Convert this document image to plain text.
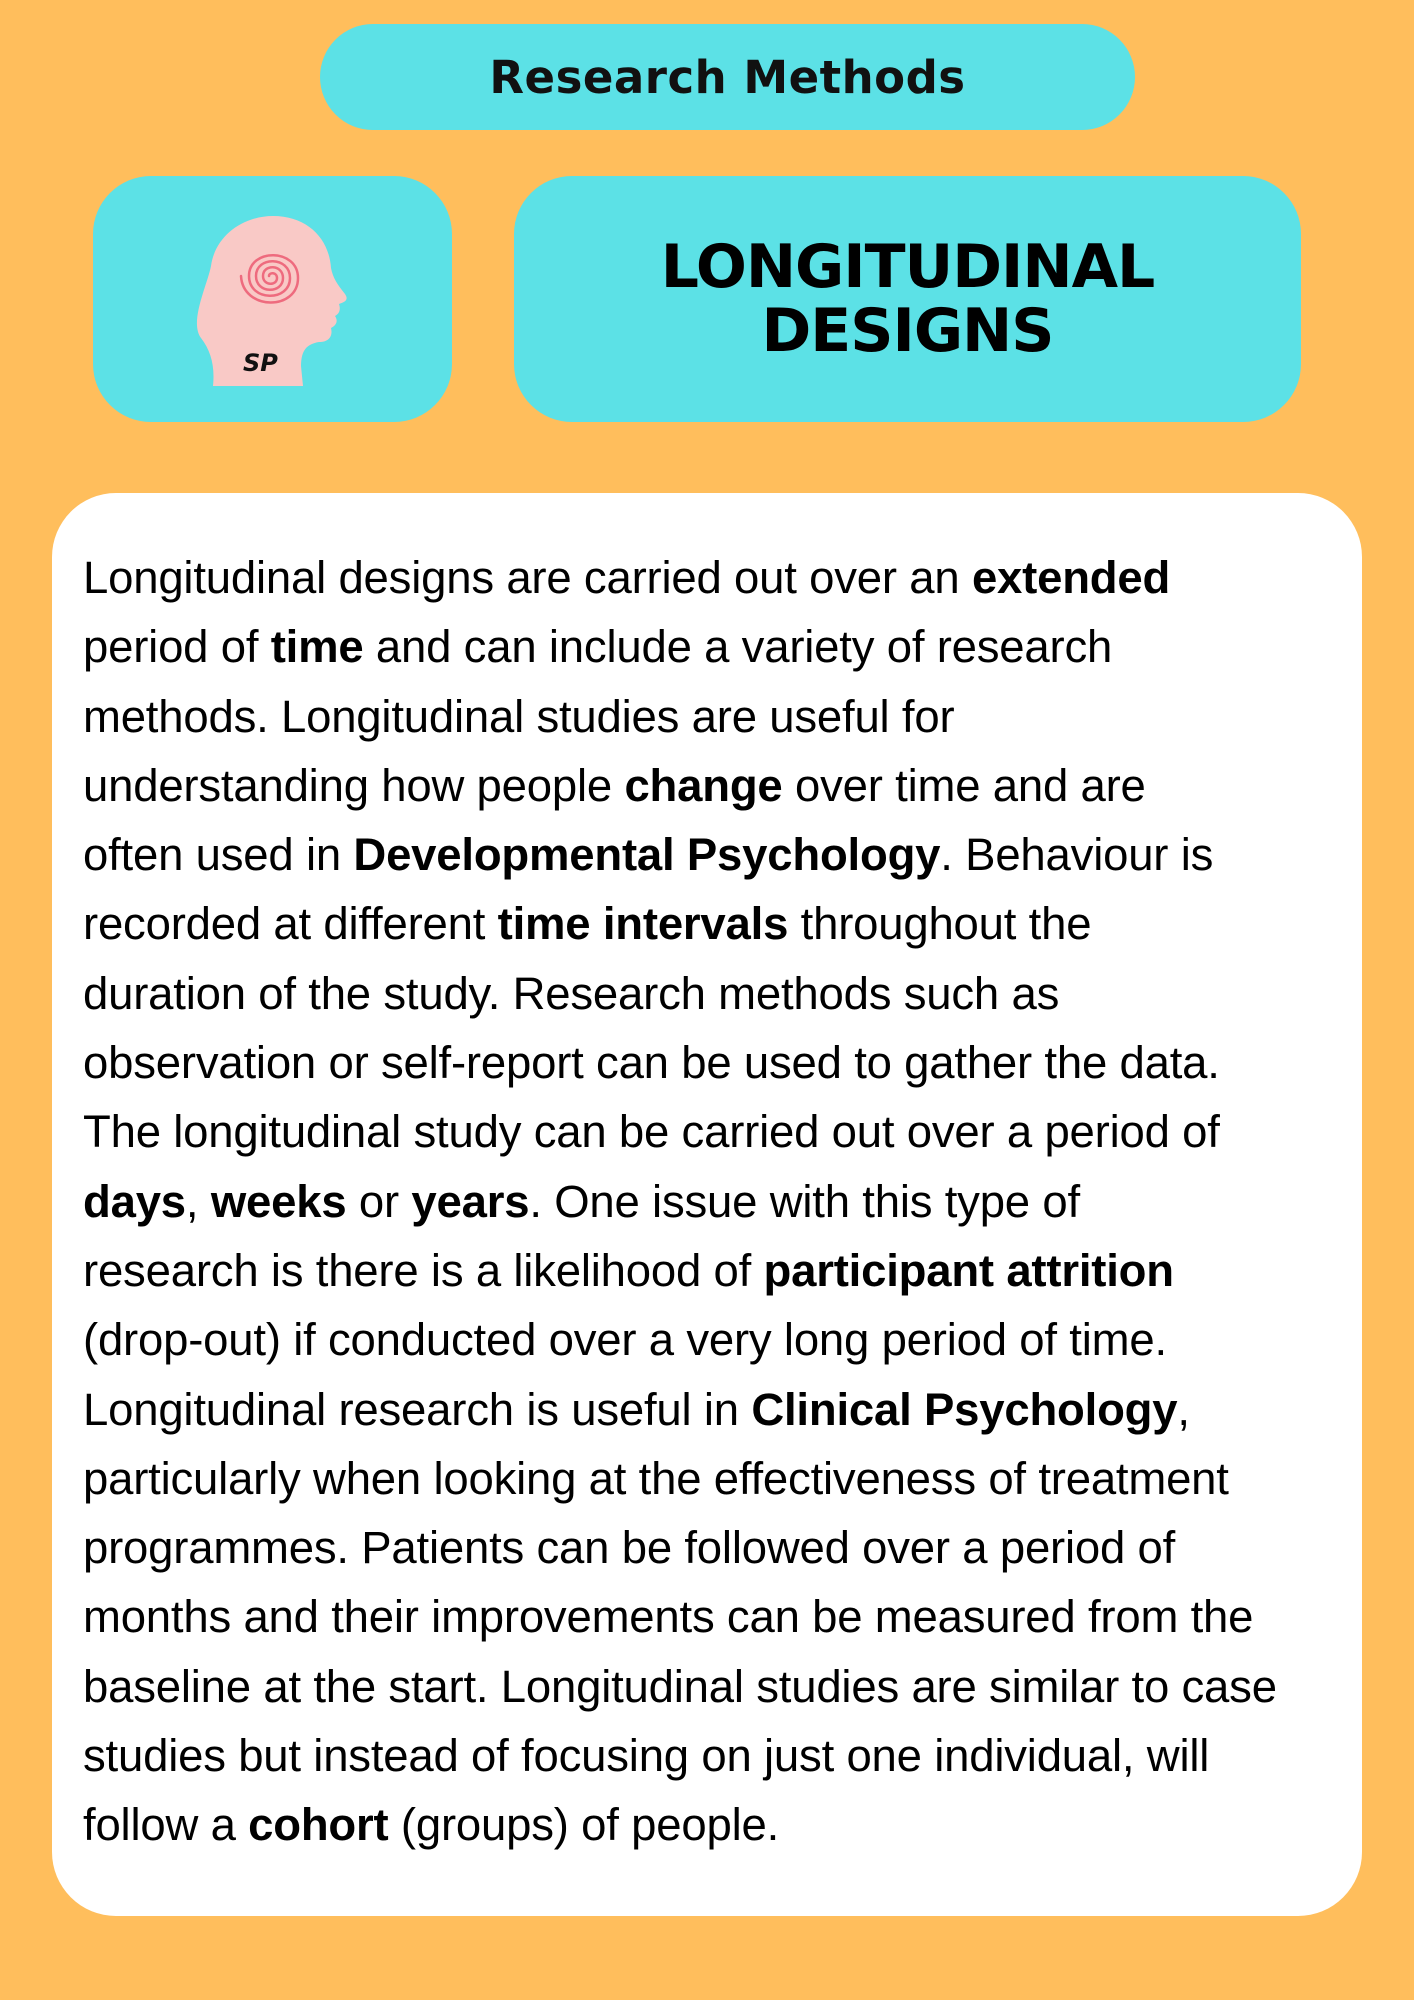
Research Methods
SP
LONGITUDINAL
DESIGNS
Longitudinal designs are carried out over an extended
period of time and can include a variety of research
methods. Longitudinal studies are useful for
understanding how people change over time and are
often used in Developmental Psychology. Behaviour is
recorded at different time intervals throughout the
duration of the study. Research methods such as
observation or self-report can be used to gather the data.
The longitudinal study can be carried out over a period of
days, weeks or years. One issue with this type of
research is there is a likelihood of participant attrition
(drop-out) if conducted over a very long period of time.
Longitudinal research is useful in Clinical Psychology,
particularly when looking at the effectiveness of treatment
programmes. Patients can be followed over a period of
months and their improvements can be measured from the
baseline at the start. Longitudinal studies are similar to case
studies but instead of focusing on just one individual, will
follow a cohort (groups) of people.
